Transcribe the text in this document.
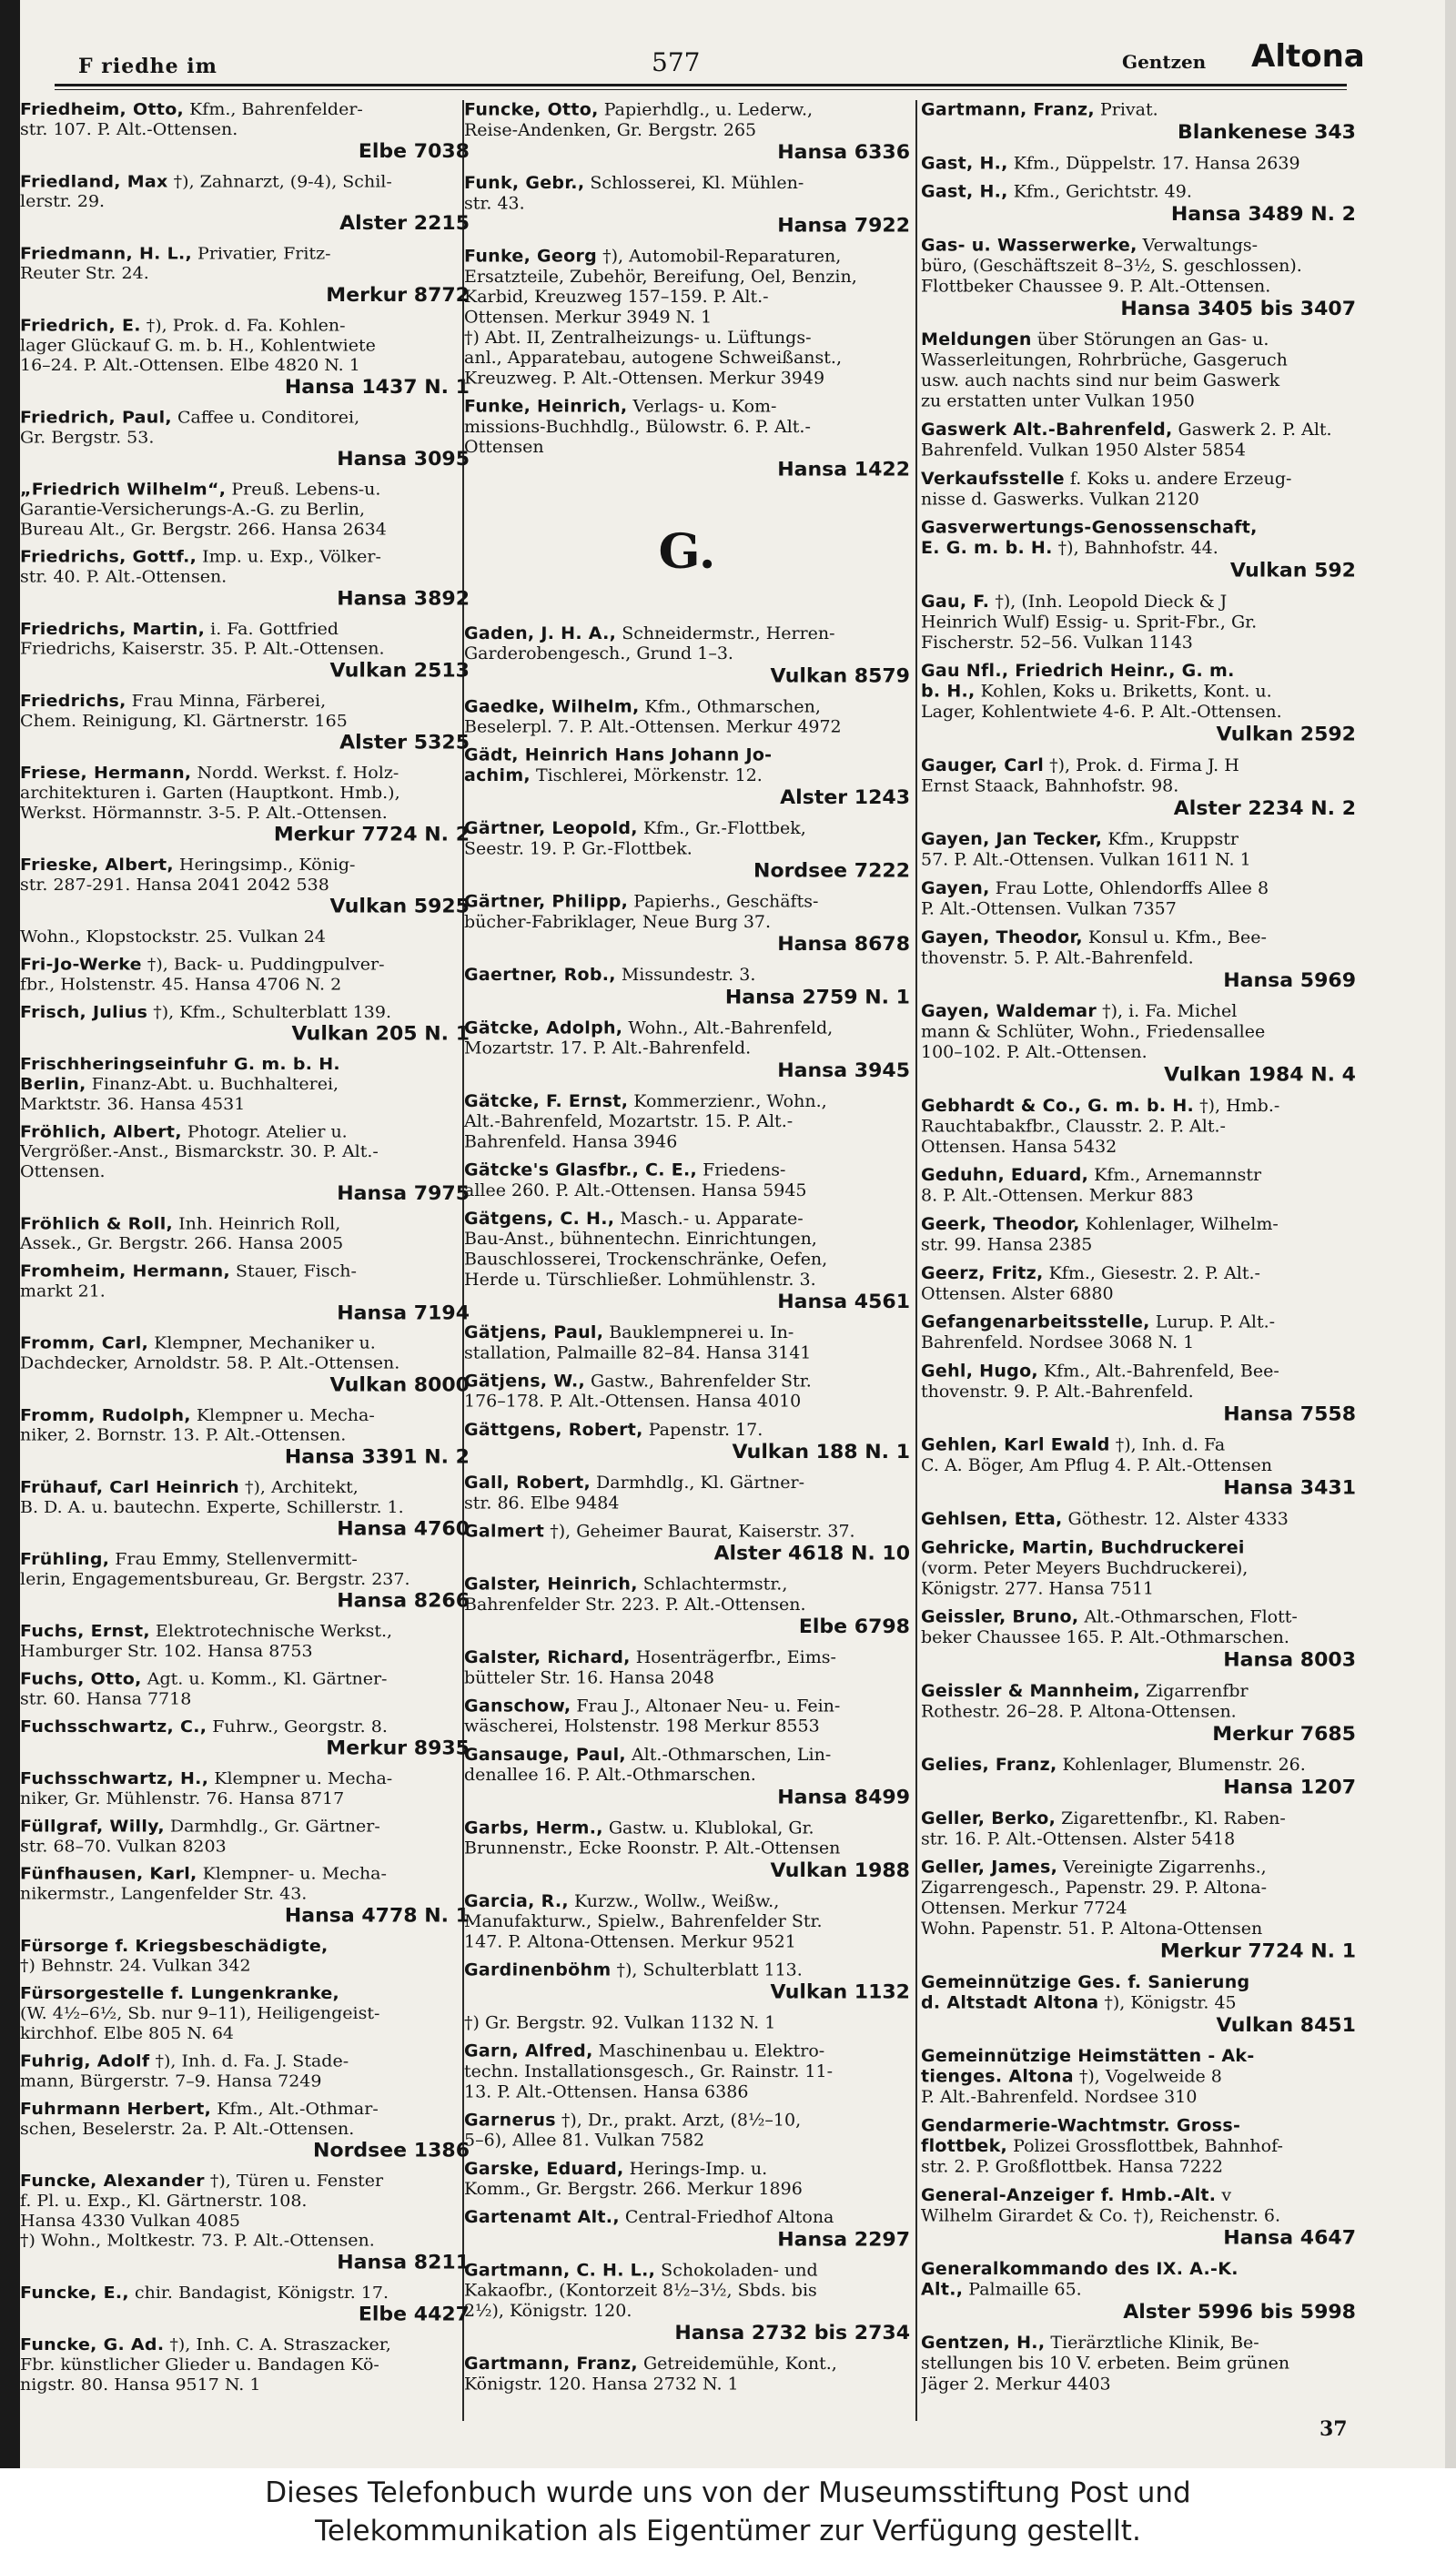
F riedhe im	577	Gentzen Altona
Friedheim, Otto, Kfm., Bahrenfelder-
str. 107. P. Alt.-Ottensen.
Elbe 7038
Friedland, Max †), Zahnarzt, (9-4), Schil-
lerstr. 29.
Alster 2215
Friedmann, H. L., Privatier, Fritz-
Reuter Str. 24.
Merkur 8772
Friedrich, E. †), Prok. d. Fa. Kohlen-
lager Glückauf G. m. b. H., Kohlentwiete
16–24. P. Alt.-Ottensen. Elbe 4820 N. 1
Hansa 1437 N. 1
Friedrich, Paul, Caffee u. Conditorei,
Gr. Bergstr. 53.
Hansa 3095
„Friedrich Wilhelm“, Preuß. Lebens-u.
Garantie-Versicherungs-A.-G. zu Berlin,
Bureau Alt., Gr. Bergstr. 266. Hansa 2634
Friedrichs, Gottf., Imp. u. Exp., Völker-
str. 40. P. Alt.-Ottensen.
Hansa 3892
Friedrichs, Martin, i. Fa. Gottfried
Friedrichs, Kaiserstr. 35. P. Alt.-Ottensen.
Vulkan 2513
Friedrichs, Frau Minna, Färberei,
Chem. Reinigung, Kl. Gärtnerstr. 165
Alster 5325
Friese, Hermann, Nordd. Werkst. f. Holz-
architekturen i. Garten (Hauptkont. Hmb.),
Werkst. Hörmannstr. 3-5. P. Alt.-Ottensen.
Merkur 7724 N. 2
Frieske, Albert, Heringsimp., König-
str. 287-291. Hansa 2041 2042 538
Vulkan 5925
Wohn., Klopstockstr. 25. Vulkan 24
Fri-Jo-Werke †), Back- u. Puddingpulver-
fbr., Holstenstr. 45. Hansa 4706 N. 2
Frisch, Julius †), Kfm., Schulterblatt 139.
Vulkan 205 N. 1
Frischheringseinfuhr G. m. b. H.
Berlin, Finanz-Abt. u. Buchhalterei,
Marktstr. 36. Hansa 4531
Fröhlich, Albert, Photogr. Atelier u.
Vergrößer.-Anst., Bismarckstr. 30. P. Alt.-
Ottensen.
Hansa 7975
Fröhlich & Roll, Inh. Heinrich Roll,
Assek., Gr. Bergstr. 266. Hansa 2005
Fromheim, Hermann, Stauer, Fisch-
markt 21.
Hansa 7194
Fromm, Carl, Klempner, Mechaniker u.
Dachdecker, Arnoldstr. 58. P. Alt.-Ottensen.
Vulkan 8000
Fromm, Rudolph, Klempner u. Mecha-
niker, 2. Bornstr. 13. P. Alt.-Ottensen.
Hansa 3391 N. 2
Frühauf, Carl Heinrich †), Architekt,
B. D. A. u. bautechn. Experte, Schillerstr. 1.
Hansa 4760
Frühling, Frau Emmy, Stellenvermitt-
lerin, Engagementsbureau, Gr. Bergstr. 237.
Hansa 8266
Fuchs, Ernst, Elektrotechnische Werkst.,
Hamburger Str. 102. Hansa 8753
Fuchs, Otto, Agt. u. Komm., Kl. Gärtner-
str. 60. Hansa 7718
Fuchsschwartz, C., Fuhrw., Georgstr. 8.
Merkur 8935
Fuchsschwartz, H., Klempner u. Mecha-
niker, Gr. Mühlenstr. 76. Hansa 8717
Füllgraf, Willy, Darmhdlg., Gr. Gärtner-
str. 68–70. Vulkan 8203
Fünfhausen, Karl, Klempner- u. Mecha-
nikermstr., Langenfelder Str. 43.
Hansa 4778 N. 1
Fürsorge f. Kriegsbeschädigte,
†) Behnstr. 24. Vulkan 342
Fürsorgestelle f. Lungenkranke,
(W. 4½–6½, Sb. nur 9–11), Heiligengeist-
kirchhof. Elbe 805 N. 64
Fuhrig, Adolf †), Inh. d. Fa. J. Stade-
mann, Bürgerstr. 7–9. Hansa 7249
Fuhrmann Herbert, Kfm., Alt.-Othmar-
schen, Beselerstr. 2a. P. Alt.-Ottensen.
Nordsee 1386
Funcke, Alexander †), Türen u. Fenster
f. Pl. u. Exp., Kl. Gärtnerstr. 108.
Hansa 4330 Vulkan 4085
†) Wohn., Moltkestr. 73. P. Alt.-Ottensen.
Hansa 8211
Funcke, E., chir. Bandagist, Königstr. 17.
Elbe 4427
Funcke, G. Ad. †), Inh. C. A. Straszacker,
Fbr. künstlicher Glieder u. Bandagen Kö-
nigstr. 80. Hansa 9517 N. 1
Funcke, Otto, Papierhdlg., u. Lederw.,
Reise-Andenken, Gr. Bergstr. 265
Hansa 6336
Funk, Gebr., Schlosserei, Kl. Mühlen-
str. 43.
Hansa 7922
Funke, Georg †), Automobil-Reparaturen,
Ersatzteile, Zubehör, Bereifung, Oel, Benzin,
Karbid, Kreuzweg 157–159. P. Alt.-
Ottensen. Merkur 3949 N. 1
†) Abt. II, Zentralheizungs- u. Lüftungs-
anl., Apparatebau, autogene Schweißanst.,
Kreuzweg. P. Alt.-Ottensen. Merkur 3949
Funke, Heinrich, Verlags- u. Kom-
missions-Buchhdlg., Bülowstr. 6. P. Alt.-
Ottensen
Hansa 1422
G.
Gaden, J. H. A., Schneidermstr., Herren-
Garderobengesch., Grund 1–3.
Vulkan 8579
Gaedke, Wilhelm, Kfm., Othmarschen,
Beselerpl. 7. P. Alt.-Ottensen. Merkur 4972
Gädt, Heinrich Hans Johann Jo-
achim, Tischlerei, Mörkenstr. 12.
Alster 1243
Gärtner, Leopold, Kfm., Gr.-Flottbek,
Seestr. 19. P. Gr.-Flottbek.
Nordsee 7222
Gärtner, Philipp, Papierhs., Geschäfts-
bücher-Fabriklager, Neue Burg 37.
Hansa 8678
Gaertner, Rob., Missundestr. 3.
Hansa 2759 N. 1
Gätcke, Adolph, Wohn., Alt.-Bahrenfeld,
Mozartstr. 17. P. Alt.-Bahrenfeld.
Hansa 3945
Gätcke, F. Ernst, Kommerzienr., Wohn.,
Alt.-Bahrenfeld, Mozartstr. 15. P. Alt.-
Bahrenfeld. Hansa 3946
Gätcke's Glasfbr., C. E., Friedens-
allee 260. P. Alt.-Ottensen. Hansa 5945
Gätgens, C. H., Masch.- u. Apparate-
Bau-Anst., bühnentechn. Einrichtungen,
Bauschlosserei, Trockenschränke, Oefen,
Herde u. Türschließer. Lohmühlenstr. 3.
Hansa 4561
Gätjens, Paul, Bauklempnerei u. In-
stallation, Palmaille 82–84. Hansa 3141
Gätjens, W., Gastw., Bahrenfelder Str.
176–178. P. Alt.-Ottensen. Hansa 4010
Gättgens, Robert, Papenstr. 17.
Vulkan 188 N. 1
Gall, Robert, Darmhdlg., Kl. Gärtner-
str. 86. Elbe 9484
Galmert †), Geheimer Baurat, Kaiserstr. 37.
Alster 4618 N. 10
Galster, Heinrich, Schlachtermstr.,
Bahrenfelder Str. 223. P. Alt.-Ottensen.
Elbe 6798
Galster, Richard, Hosenträgerfbr., Eims-
bütteler Str. 16. Hansa 2048
Ganschow, Frau J., Altonaer Neu- u. Fein-
wäscherei, Holstenstr. 198 Merkur 8553
Gansauge, Paul, Alt.-Othmarschen, Lin-
denallee 16. P. Alt.-Othmarschen.
Hansa 8499
Garbs, Herm., Gastw. u. Klublokal, Gr.
Brunnenstr., Ecke Roonstr. P. Alt.-Ottensen
Vulkan 1988
Garcia, R., Kurzw., Wollw., Weißw.,
Manufakturw., Spielw., Bahrenfelder Str.
147. P. Altona-Ottensen. Merkur 9521
Gardinenböhm †), Schulterblatt 113.
Vulkan 1132
†) Gr. Bergstr. 92. Vulkan 1132 N. 1
Garn, Alfred, Maschinenbau u. Elektro-
techn. Installationsgesch., Gr. Rainstr. 11-
13. P. Alt.-Ottensen. Hansa 6386
Garnerus †), Dr., prakt. Arzt, (8½–10,
5–6), Allee 81. Vulkan 7582
Garske, Eduard, Herings-Imp. u.
Komm., Gr. Bergstr. 266. Merkur 1896
Gartenamt Alt., Central-Friedhof Altona
Hansa 2297
Gartmann, C. H. L., Schokoladen- und
Kakaofbr., (Kontorzeit 8½–3½, Sbds. bis
2½), Königstr. 120.
Hansa 2732 bis 2734
Gartmann, Franz, Getreidemühle, Kont.,
Königstr. 120. Hansa 2732 N. 1
Gartmann, Franz, Privat.
Blankenese 343
Gast, H., Kfm., Düppelstr. 17. Hansa 2639
Gast, H., Kfm., Gerichtstr. 49.
Hansa 3489 N. 2
Gas- u. Wasserwerke, Verwaltungs-
büro, (Geschäftszeit 8–3½, S. geschlossen).
Flottbeker Chaussee 9. P. Alt.-Ottensen.
Hansa 3405 bis 3407
Meldungen über Störungen an Gas- u.
Wasserleitungen, Rohrbrüche, Gasgeruch
usw. auch nachts sind nur beim Gaswerk
zu erstatten unter Vulkan 1950
Gaswerk Alt.-Bahrenfeld, Gaswerk 2. P. Alt.
Bahrenfeld. Vulkan 1950 Alster 5854
Verkaufsstelle f. Koks u. andere Erzeug-
nisse d. Gaswerks. Vulkan 2120
Gasverwertungs-Genossenschaft,
E. G. m. b. H. †), Bahnhofstr. 44.
Vulkan 592
Gau, F. †), (Inh. Leopold Dieck & J
Heinrich Wulf) Essig- u. Sprit-Fbr., Gr.
Fischerstr. 52–56. Vulkan 1143
Gau Nfl., Friedrich Heinr., G. m.
b. H., Kohlen, Koks u. Briketts, Kont. u.
Lager, Kohlentwiete 4-6. P. Alt.-Ottensen.
Vulkan 2592
Gauger, Carl †), Prok. d. Firma J. H
Ernst Staack, Bahnhofstr. 98.
Alster 2234 N. 2
Gayen, Jan Tecker, Kfm., Kruppstr
57. P. Alt.-Ottensen. Vulkan 1611 N. 1
Gayen, Frau Lotte, Ohlendorffs Allee 8
P. Alt.-Ottensen. Vulkan 7357
Gayen, Theodor, Konsul u. Kfm., Bee-
thovenstr. 5. P. Alt.-Bahrenfeld.
Hansa 5969
Gayen, Waldemar †), i. Fa. Michel
mann & Schlüter, Wohn., Friedensallee
100–102. P. Alt.-Ottensen.
Vulkan 1984 N. 4
Gebhardt & Co., G. m. b. H. †), Hmb.-
Rauchtabakfbr., Clausstr. 2. P. Alt.-
Ottensen. Hansa 5432
Geduhn, Eduard, Kfm., Arnemannstr
8. P. Alt.-Ottensen. Merkur 883
Geerk, Theodor, Kohlenlager, Wilhelm-
str. 99. Hansa 2385
Geerz, Fritz, Kfm., Giesestr. 2. P. Alt.-
Ottensen. Alster 6880
Gefangenarbeitsstelle, Lurup. P. Alt.-
Bahrenfeld. Nordsee 3068 N. 1
Gehl, Hugo, Kfm., Alt.-Bahrenfeld, Bee-
thovenstr. 9. P. Alt.-Bahrenfeld.
Hansa 7558
Gehlen, Karl Ewald †), Inh. d. Fa
C. A. Böger, Am Pflug 4. P. Alt.-Ottensen
Hansa 3431
Gehlsen, Etta, Göthestr. 12. Alster 4333
Gehricke, Martin, Buchdruckerei
(vorm. Peter Meyers Buchdruckerei),
Königstr. 277. Hansa 7511
Geissler, Bruno, Alt.-Othmarschen, Flott-
beker Chaussee 165. P. Alt.-Othmarschen.
Hansa 8003
Geissler & Mannheim, Zigarrenfbr
Rothestr. 26–28. P. Altona-Ottensen.
Merkur 7685
Gelies, Franz, Kohlenlager, Blumenstr. 26.
Hansa 1207
Geller, Berko, Zigarettenfbr., Kl. Raben-
str. 16. P. Alt.-Ottensen. Alster 5418
Geller, James, Vereinigte Zigarrenhs.,
Zigarrengesch., Papenstr. 29. P. Altona-
Ottensen. Merkur 7724
Wohn. Papenstr. 51. P. Altona-Ottensen
Merkur 7724 N. 1
Gemeinnützige Ges. f. Sanierung
d. Altstadt Altona †), Königstr. 45
Vulkan 8451
Gemeinnützige Heimstätten - Ak-
tienges. Altona †), Vogelweide 8
P. Alt.-Bahrenfeld. Nordsee 310
Gendarmerie-Wachtmstr. Gross-
flottbek, Polizei Grossflottbek, Bahnhof-
str. 2. P. Großflottbek. Hansa 7222
General-Anzeiger f. Hmb.-Alt. v
Wilhelm Girardet & Co. †), Reichenstr. 6.
Hansa 4647
Generalkommando des IX. A.-K.
Alt., Palmaille 65.
Alster 5996 bis 5998
Gentzen, H., Tierärztliche Klinik, Be-
stellungen bis 10 V. erbeten. Beim grünen
Jäger 2. Merkur 4403
37
Dieses Telefonbuch wurde uns von der Museumsstiftung Post und
Telekommunikation als Eigentümer zur Verfügung gestellt.
